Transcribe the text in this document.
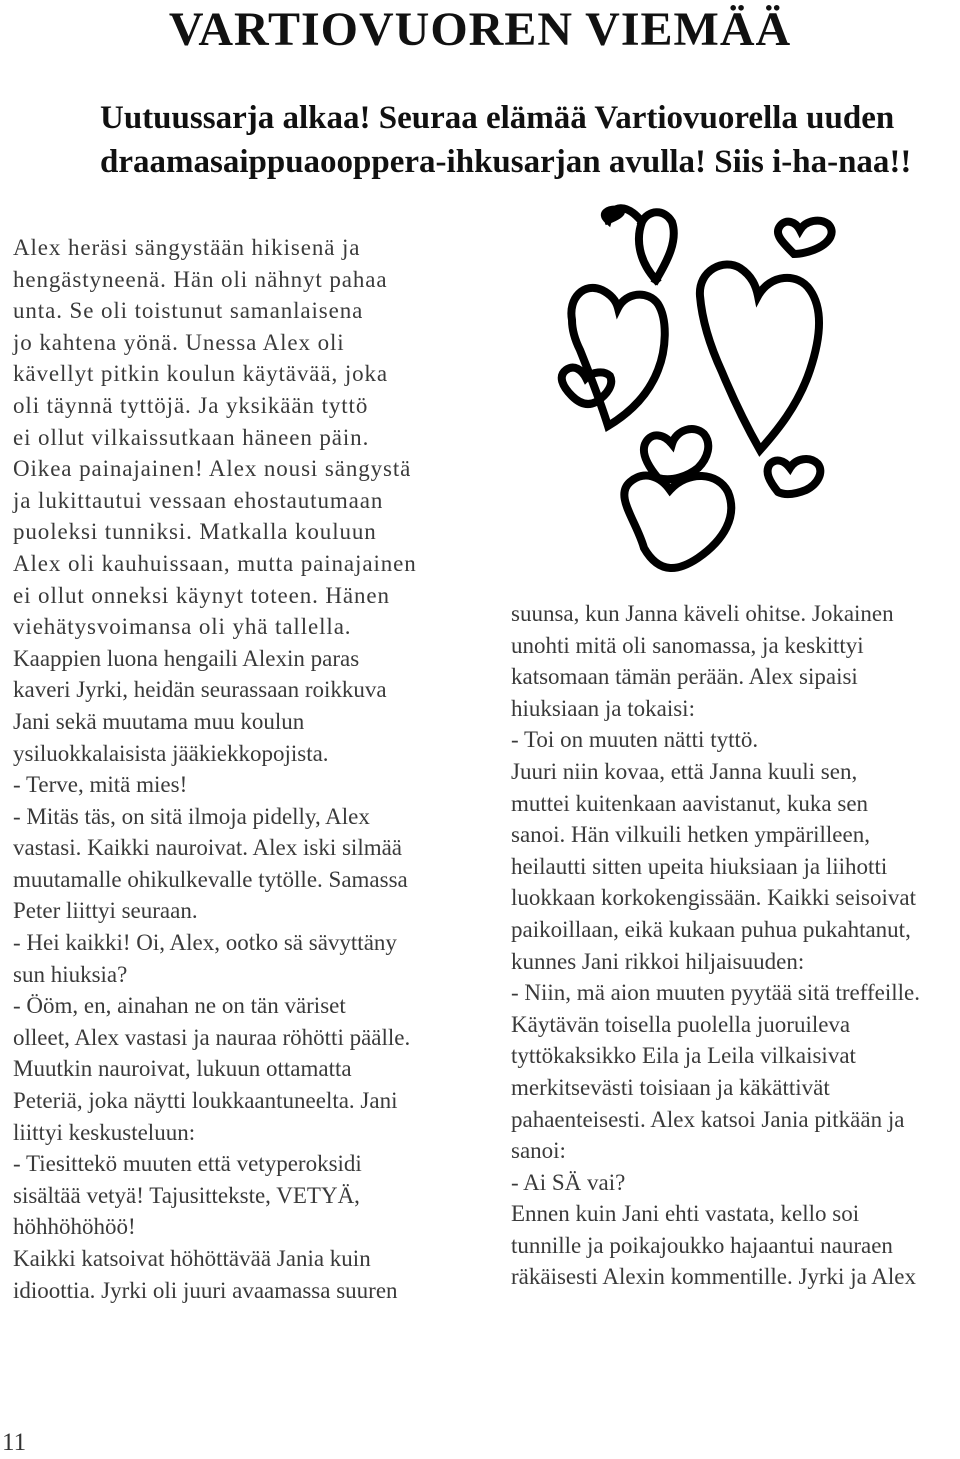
VARTIOVUOREN VIEMÄÄ
Uutuussarja alkaa! Seuraa elämää Vartiovuorella uuden
draamasaippuaooppera-ihkusarjan avulla! Siis i-ha-naa!!
Alex heräsi sängystään hikisenä ja
hengästyneenä. Hän oli nähnyt pahaa
unta. Se oli toistunut samanlaisena
jo kahtena yönä. Unessa Alex oli
kävellyt pitkin koulun käytävää, joka
oli täynnä tyttöjä. Ja yksikään tyttö
ei ollut vilkaissutkaan häneen päin.
Oikea painajainen! Alex nousi sängystä
ja lukittautui vessaan ehostautumaan
puoleksi tunniksi. Matkalla kouluun
Alex oli kauhuissaan, mutta painajainen
ei ollut onneksi käynyt toteen. Hänen
viehätysvoimansa oli yhä tallella.
Kaappien luona hengaili Alexin paras
kaveri Jyrki, heidän seurassaan roikkuva
Jani sekä muutama muu koulun
ysiluokkalaisista jääkiekkopojista.
- Terve, mitä mies!
- Mitäs täs, on sitä ilmoja pidelly, Alex
vastasi. Kaikki nauroivat. Alex iski silmää
muutamalle ohikulkevalle tytölle. Samassa
Peter liittyi seuraan.
- Hei kaikki! Oi, Alex, ootko sä sävyttäny
sun hiuksia?
- Ööm, en, ainahan ne on tän väriset
olleet, Alex vastasi ja nauraa röhötti päälle.
Muutkin nauroivat, lukuun ottamatta
Peteriä, joka näytti loukkaantuneelta. Jani
liittyi keskusteluun:
- Tiesittekö muuten että vetyperoksidi
sisältää vetyä! Tajusittekste, VETYÄ,
höhhöhöhöö!
Kaikki katsoivat höhöttävää Jania kuin
idioottia. Jyrki oli juuri avaamassa suuren
suunsa, kun Janna käveli ohitse. Jokainen
unohti mitä oli sanomassa, ja keskittyi
katsomaan tämän perään. Alex sipaisi
hiuksiaan ja tokaisi:
- Toi on muuten nätti tyttö.
Juuri niin kovaa, että Janna kuuli sen,
muttei kuitenkaan aavistanut, kuka sen
sanoi. Hän vilkuili hetken ympärilleen,
heilautti sitten upeita hiuksiaan ja liihotti
luokkaan korkokengissään. Kaikki seisoivat
paikoillaan, eikä kukaan puhua pukahtanut,
kunnes Jani rikkoi hiljaisuuden:
- Niin, mä aion muuten pyytää sitä treffeille.
Käytävän toisella puolella juoruileva
tyttökaksikko Eila ja Leila vilkaisivat
merkitsevästi toisiaan ja käkättivät
pahaenteisesti. Alex katsoi Jania pitkään ja
sanoi:
- Ai SÄ vai?
Ennen kuin Jani ehti vastata, kello soi
tunnille ja poikajoukko hajaantui nauraen
räkäisesti Alexin kommentille. Jyrki ja Alex
11
